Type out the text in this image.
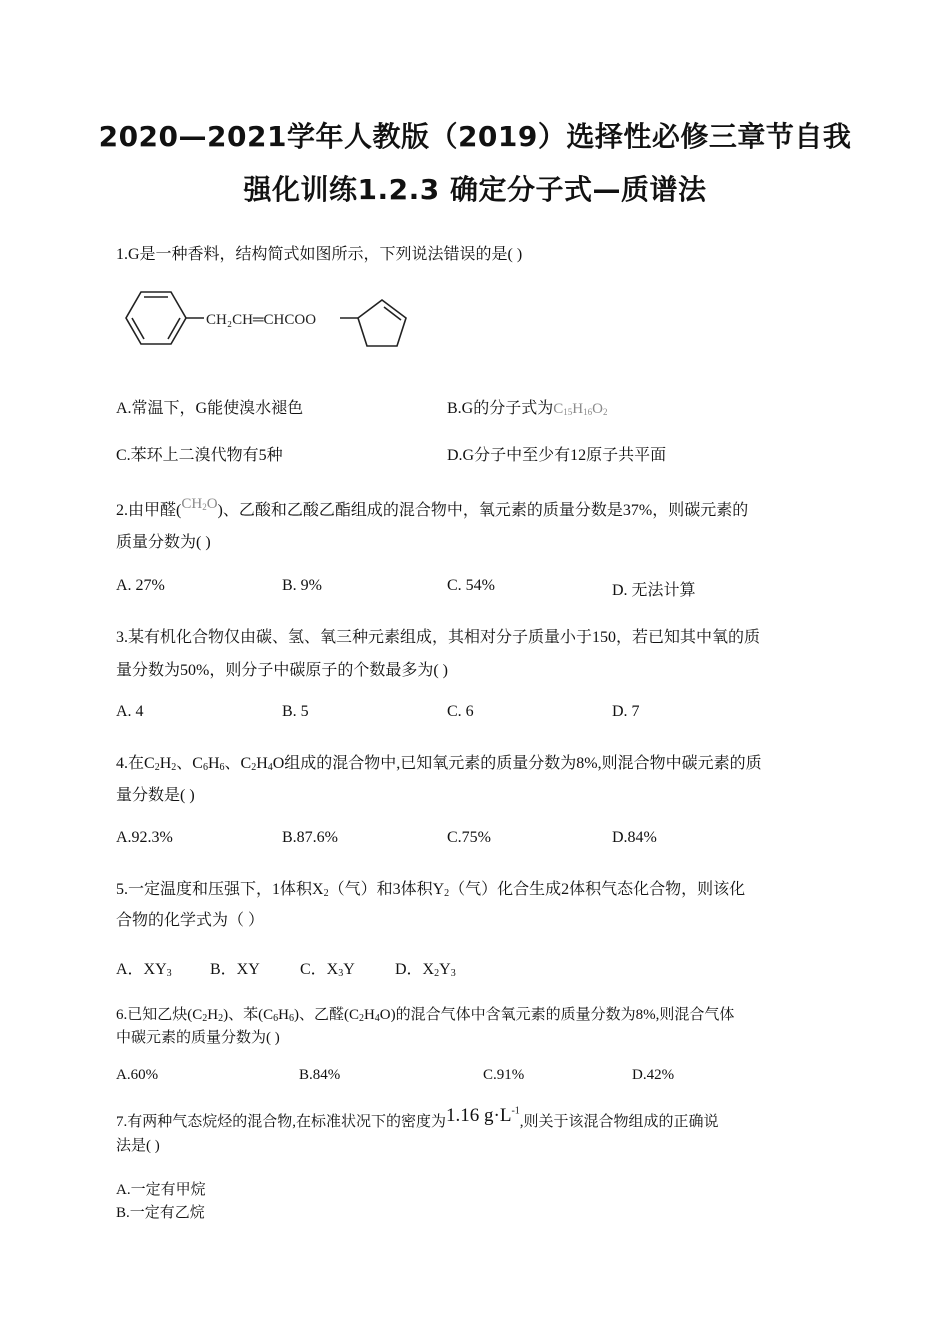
2020—2021学年人教版（2019）选择性必修三章节自我
强化训练1.2.3 确定分子式—质谱法
1.G是一种香料，结构简式如图所示，下列说法错误的是( )
CH₂CH═CHCOO
A.常温下，G能使溴水褪色	B.G的分子式为C15H16O2
C.苯环上二溴代物有5种	D.G分子中至少有12原子共平面
2.由甲醛(CH2O)、乙酸和乙酸乙酯组成的混合物中，氧元素的质量分数是37%，则碳元素的
质量分数为( )
A. 27%	B. 9%	C. 54%	D. 无法计算
3.某有机化合物仅由碳、氢、氧三种元素组成，其相对分子质量小于150，若已知其中氧的质
量分数为50%，则分子中碳原子的个数最多为( )
A. 4	B. 5	C. 6	D. 7
4.在$C_2H_2$、$C_6H_6$、$C_2H_4O$组成的混合物中,已知氧元素的质量分数为8%,则混合物中碳元素的质
量分数是( )
A.92.3%	B.87.6%	C.75%	D.84%
5.一定温度和压强下，1体积$X_2$（气）和3体积$Y_2$（气）化合生成2体积气态化合物，则该化
合物的化学式为（ ）
A．$XY_3$ B．XY	C．$X_3Y$	D．$X_2Y_3$
6.已知乙炔$(C_2H_2)$、苯$(C_6H_6)$、乙醛$(C_2H_4O)$的混合气体中含氧元素的质量分数为8%,则混合气体
中碳元素的质量分数为( )
A.60%	B.84%	C.91%	D.42%
7.有两种气态烷烃的混合物,在标准状况下的密度为1.16 $g\cdot L^{-1}$,则关于该混合物组成的正确说
法是( )
A.一定有甲烷
B.一定有乙烷
